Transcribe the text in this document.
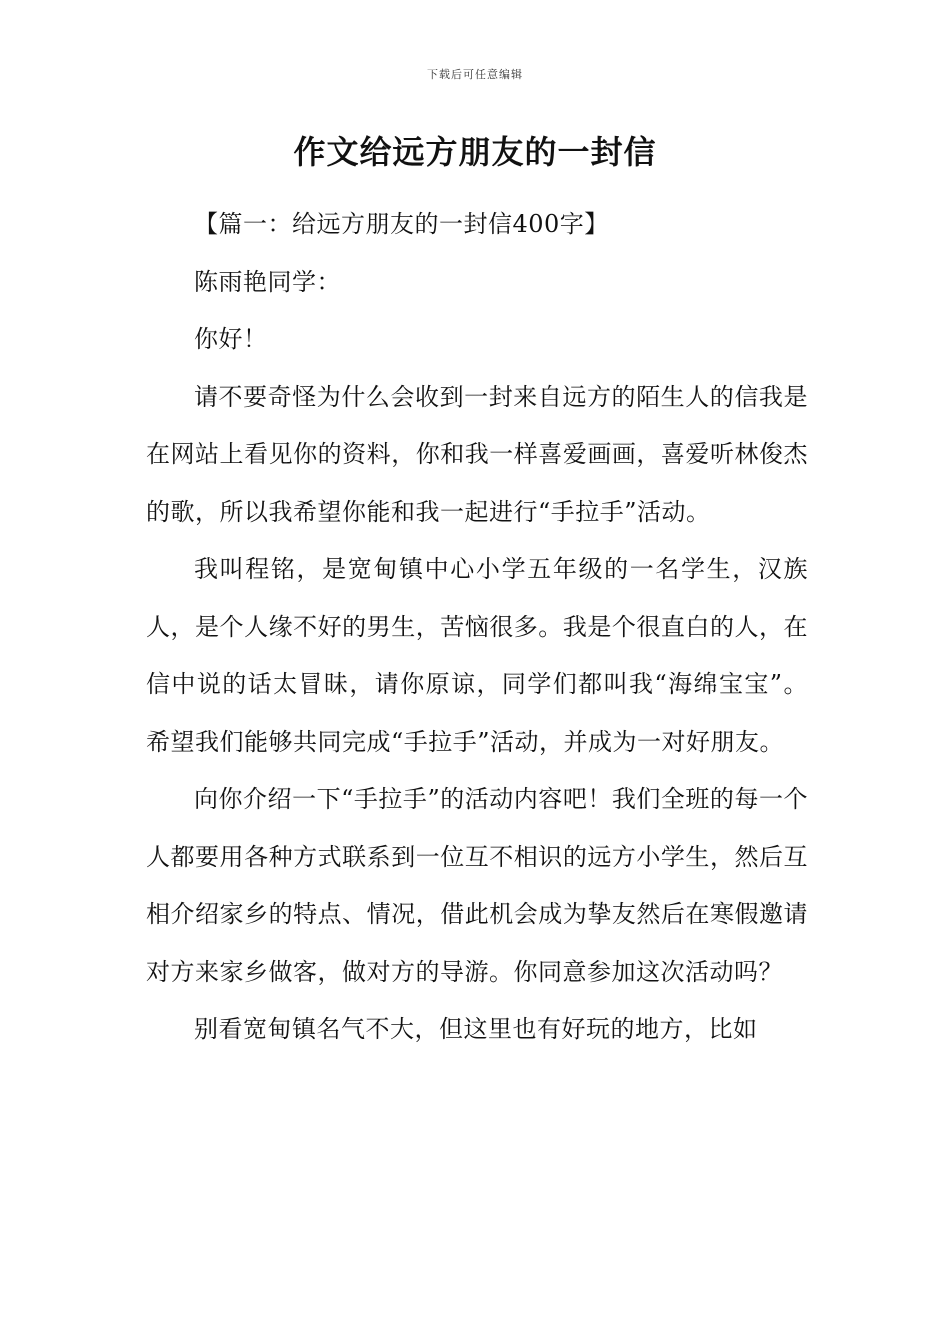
下载后可任意编辑
作文给远方朋友的一封信

【篇一：给远方朋友的一封信400字】

陈雨艳同学：

你好！

请不要奇怪为什么会收到一封来自远方的陌生人的信我是在网站上看见你的资料，你和我一样喜爱画画，喜爱听林俊杰的歌，所以我希望你能和我一起进行“手拉手”活动。

我叫程铭，是宽甸镇中心小学五年级的一名学生，汉族人，是个人缘不好的男生，苦恼很多。我是个很直白的人，在信中说的话太冒昧，请你原谅，同学们都叫我“海绵宝宝”。希望我们能够共同完成“手拉手”活动，并成为一对好朋友。

向你介绍一下“手拉手”的活动内容吧！我们全班的每一个人都要用各种方式联系到一位互不相识的远方小学生，然后互相介绍家乡的特点、情况，借此机会成为挚友然后在寒假邀请对方来家乡做客，做对方的导游。你同意参加这次活动吗？

别看宽甸镇名气不大，但这里也有好玩的地方，比如
